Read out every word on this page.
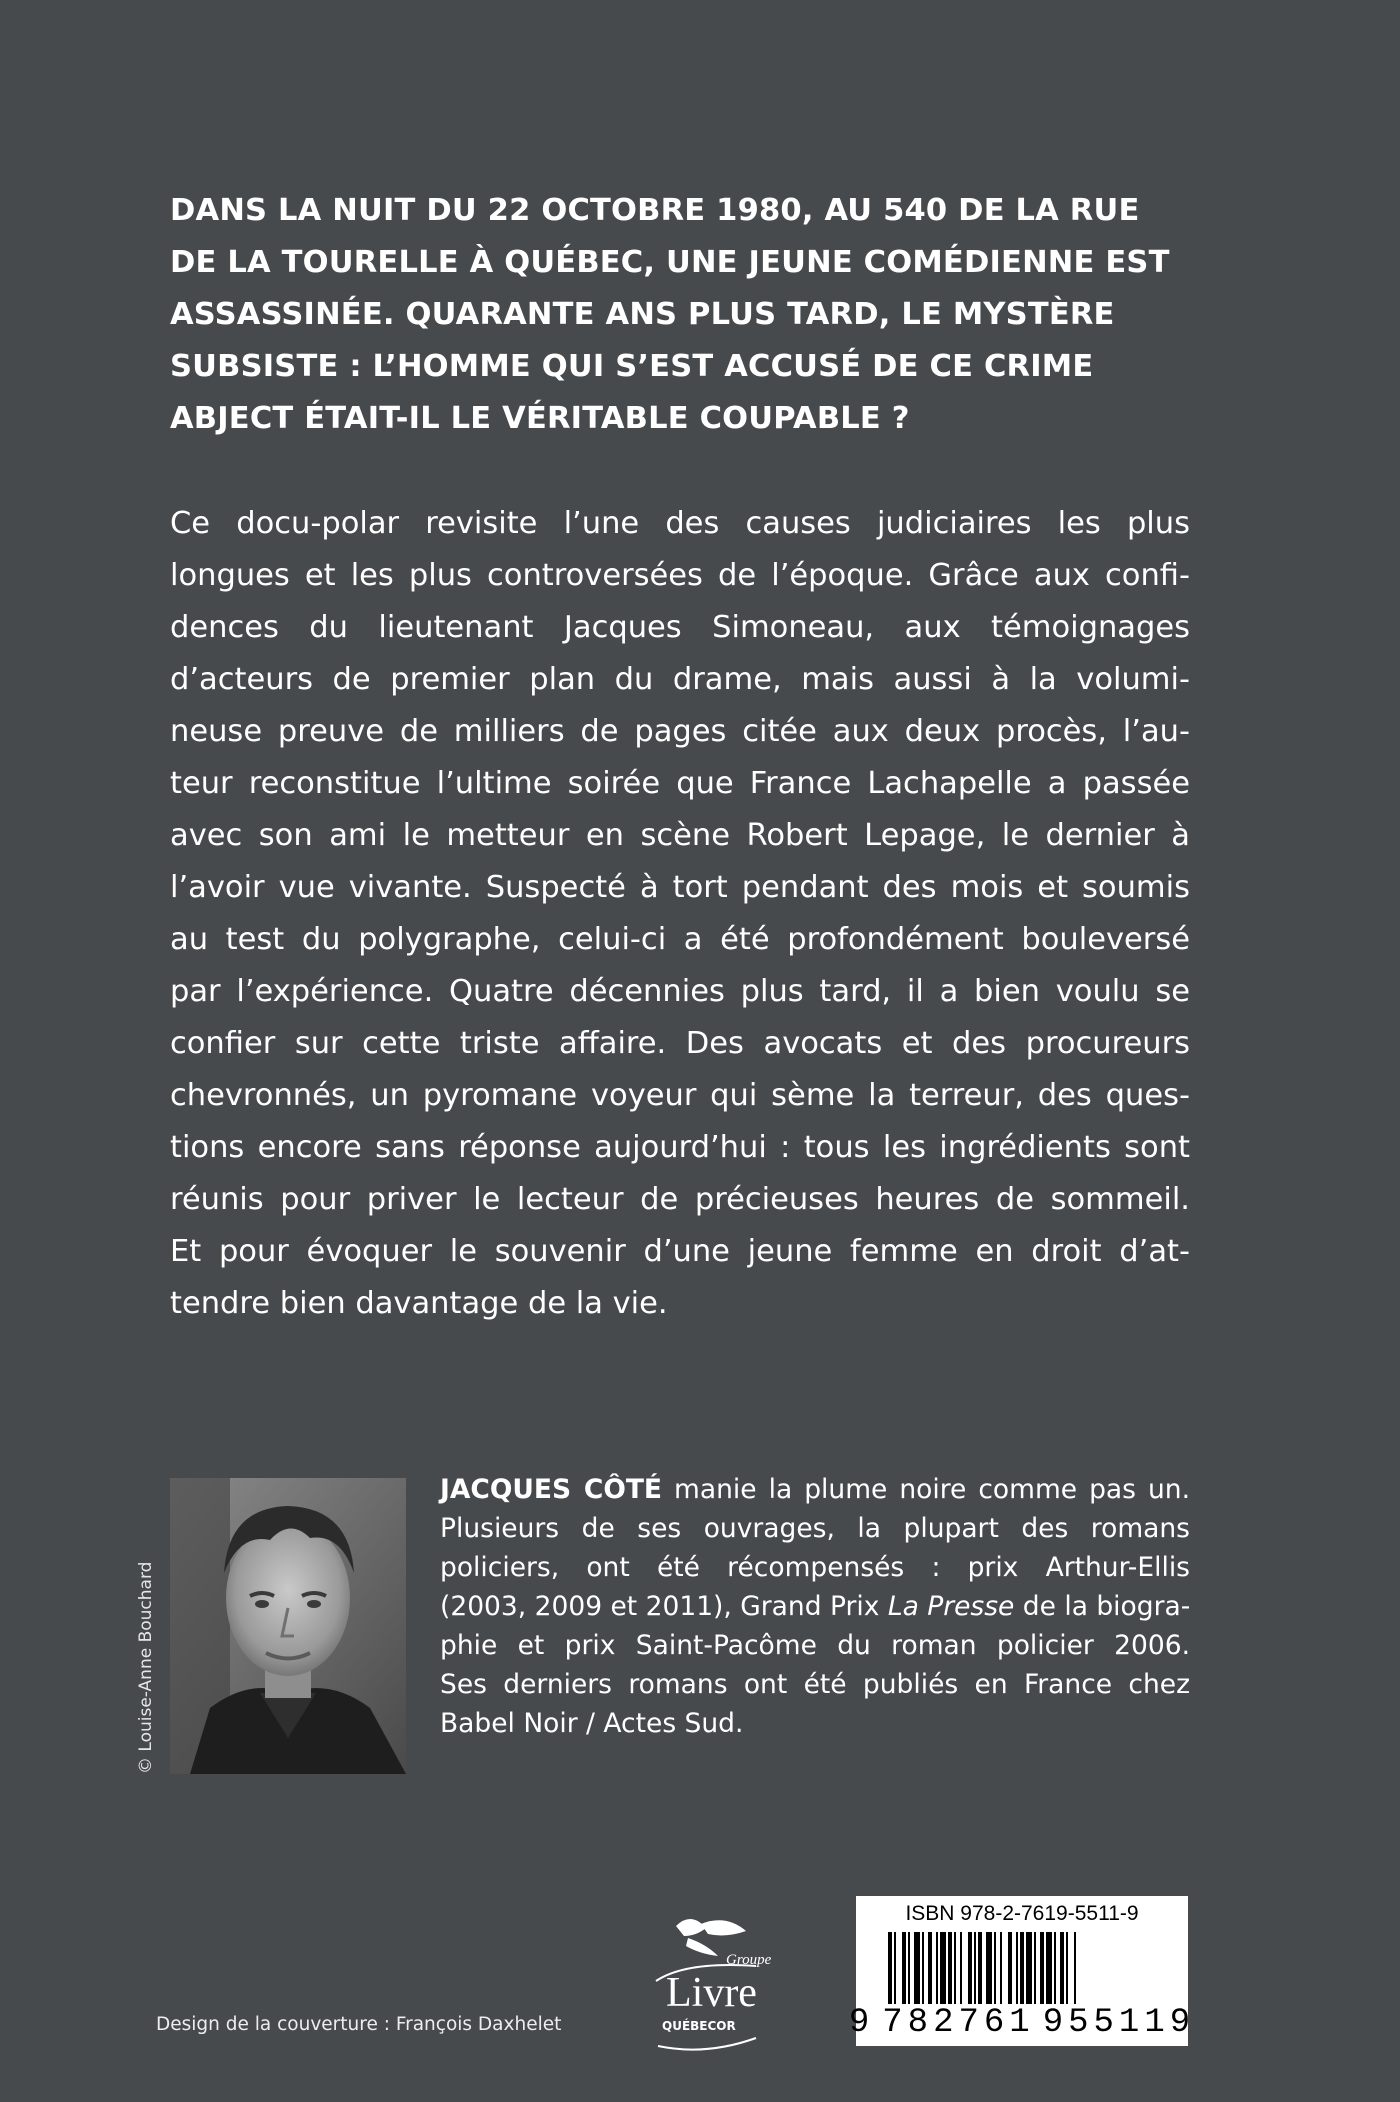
DANS LA NUIT DU 22 OCTOBRE 1980, AU 540 DE LA RUE
DE LA TOURELLE À QUÉBEC, UNE JEUNE COMÉDIENNE EST
ASSASSINÉE. QUARANTE ANS PLUS TARD, LE MYSTÈRE
SUBSISTE : L’HOMME QUI S’EST ACCUSÉ DE CE CRIME
ABJECT ÉTAIT-IL LE VÉRITABLE COUPABLE ?
Ce docu-polar revisite l’une des causes judiciaires les plus
longues et les plus controversées de l’époque. Grâce aux confi-
dences du lieutenant Jacques Simoneau, aux témoignages
d’acteurs de premier plan du drame, mais aussi à la volumi-
neuse preuve de milliers de pages citée aux deux procès, l’au-
teur reconstitue l’ultime soirée que France Lachapelle a passée
avec son ami le metteur en scène Robert Lepage, le dernier à
l’avoir vue vivante. Suspecté à tort pendant des mois et soumis
au test du polygraphe, celui-ci a été profondément bouleversé
par l’expérience. Quatre décennies plus tard, il a bien voulu se
confier sur cette triste affaire. Des avocats et des procureurs
chevronnés, un pyromane voyeur qui sème la terreur, des ques-
tions encore sans réponse aujourd’hui : tous les ingrédients sont
réunis pour priver le lecteur de précieuses heures de sommeil.
Et pour évoquer le souvenir d’une jeune femme en droit d’at-
tendre bien davantage de la vie.
© Louise-Anne Bouchard
JACQUES CÔTÉ manie la plume noire comme pas un.
Plusieurs de ses ouvrages, la plupart des romans
policiers, ont été récompensés : prix Arthur-Ellis
(2003, 2009 et 2011), Grand Prix La Presse de la biogra-
phie et prix Saint-Pacôme du roman policier 2006.
Ses derniers romans ont été publiés en France chez
Babel Noir / Actes Sud.
Design de la couverture : François Daxhelet
Groupe
Livre
QUÉBECOR
ISBN 978-2-7619-5511-9
9 782761 955119
